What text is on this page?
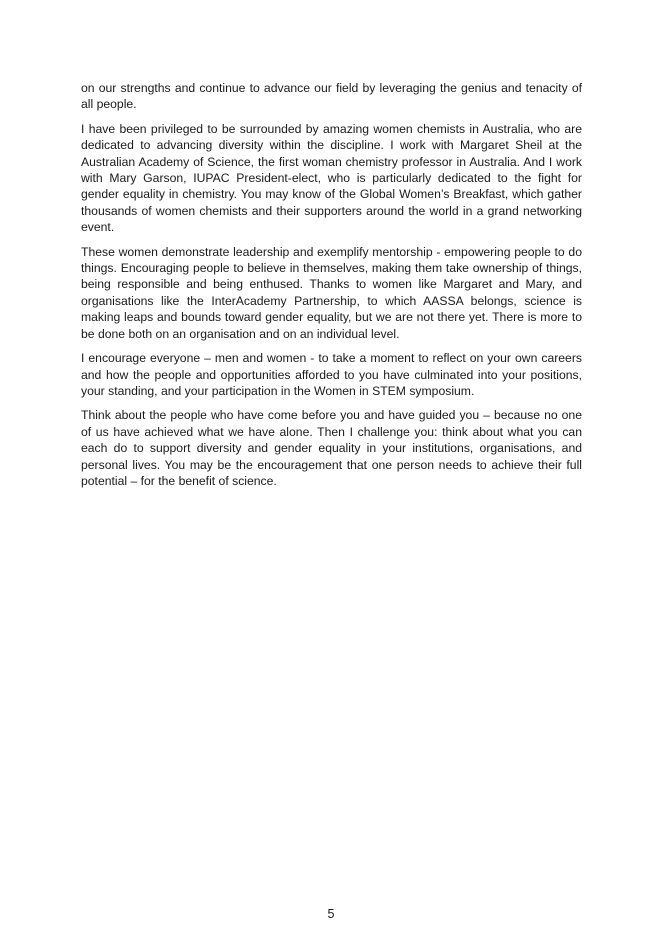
on our strengths and continue to advance our field by leveraging the genius and tenacity of all people.

I have been privileged to be surrounded by amazing women chemists in Australia, who are dedicated to advancing diversity within the discipline. I work with Margaret Sheil at the Australian Academy of Science, the first woman chemistry professor in Australia. And I work with Mary Garson, IUPAC President-elect, who is particularly dedicated to the fight for gender equality in chemistry. You may know of the Global Women’s Breakfast, which gather thousands of women chemists and their supporters around the world in a grand networking event.

These women demonstrate leadership and exemplify mentorship - empowering people to do things. Encouraging people to believe in themselves, making them take ownership of things, being responsible and being enthused. Thanks to women like Margaret and Mary, and organisations like the InterAcademy Partnership, to which AASSA belongs, science is making leaps and bounds toward gender equality, but we are not there yet. There is more to be done both on an organisation and on an individual level.

I encourage everyone – men and women - to take a moment to reflect on your own careers and how the people and opportunities afforded to you have culminated into your positions, your standing, and your participation in the Women in STEM symposium.

Think about the people who have come before you and have guided you – because no one of us have achieved what we have alone. Then I challenge you: think about what you can each do to support diversity and gender equality in your institutions, organisations, and personal lives. You may be the encouragement that one person needs to achieve their full potential – for the benefit of science.

5
